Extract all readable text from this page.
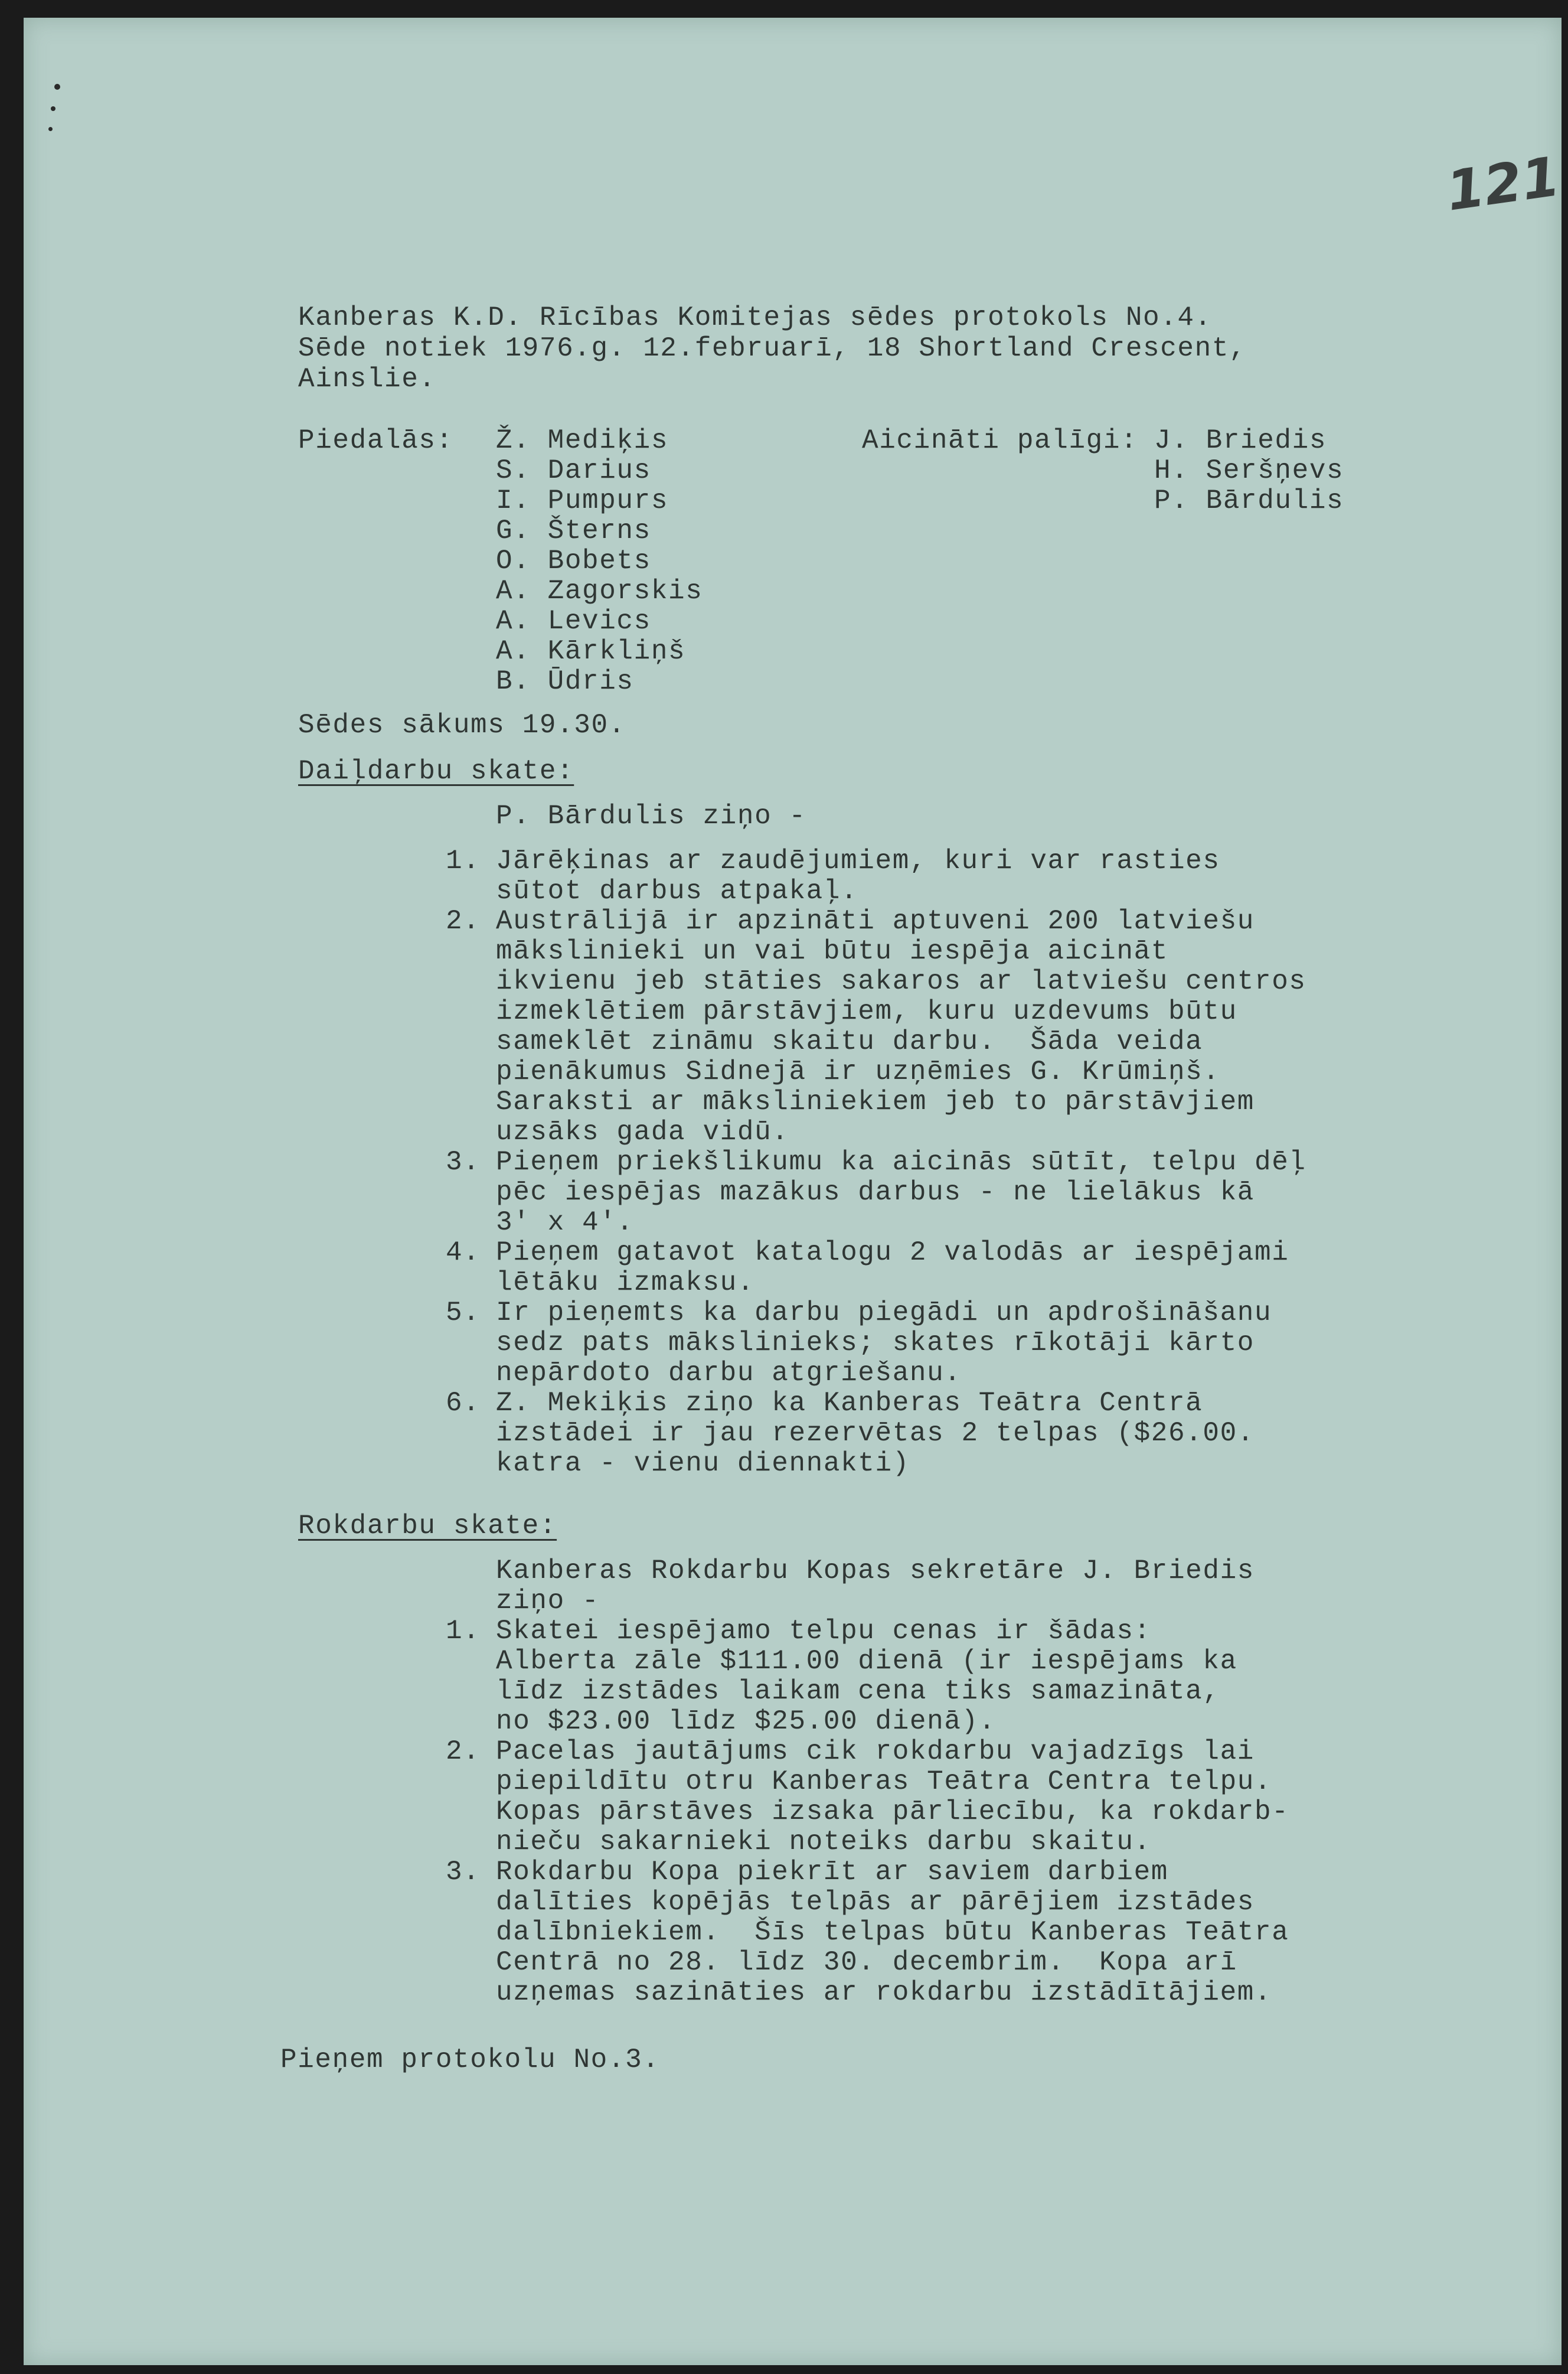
121
Kanberas K.D. Rīcības Komitejas sēdes protokols No.4.
Sēde notiek 1976.g. 12.februarī, 18 Shortland Crescent,
Ainslie.
Piedalās: Ž. Mediķis
S. Darius
I. Pumpurs
G. Šterns
O. Bobets
A. Zagorskis
A. Levics
A. Kārkliņš
B. Ūdris
Aicināti palīgi: J. Briedis
H. Seršņevs
P. Bārdulis
Sēdes sākums 19.30.
Daiļdarbu skate:
P. Bārdulis ziņo -
1. Jārēķinas ar zaudējumiem, kuri var rasties
sūtot darbus atpakaļ.
2. Austrālijā ir apzināti aptuveni 200 latviešu
mākslinieki un vai būtu iespēja aicināt
ikvienu jeb stāties sakaros ar latviešu centros
izmeklētiem pārstāvjiem, kuru uzdevums būtu
sameklēt zināmu skaitu darbu.  Šāda veida
pienākumus Sidnejā ir uzņēmies G. Krūmiņš.
Saraksti ar māksliniekiem jeb to pārstāvjiem
uzsāks gada vidū.
3. Pieņem priekšlikumu ka aicinās sūtīt, telpu dēļ
pēc iespējas mazākus darbus - ne lielākus kā
3' x 4'.
4. Pieņem gatavot katalogu 2 valodās ar iespējami
lētāku izmaksu.
5. Ir pieņemts ka darbu piegādi un apdrošināšanu
sedz pats mākslinieks; skates rīkotāji kārto
nepārdoto darbu atgriešanu.
6. Z. Mekiķis ziņo ka Kanberas Teātra Centrā
izstādei ir jau rezervētas 2 telpas ($26.00.
katra - vienu diennakti)
Rokdarbu skate:
Kanberas Rokdarbu Kopas sekretāre J. Briedis
ziņo -
1. Skatei iespējamo telpu cenas ir šādas:
Alberta zāle $111.00 dienā (ir iespējams ka
līdz izstādes laikam cena tiks samazināta,
no $23.00 līdz $25.00 dienā).
2. Pacelas jautājums cik rokdarbu vajadzīgs lai
piepildītu otru Kanberas Teātra Centra telpu.
Kopas pārstāves izsaka pārliecību, ka rokdarb-
nieču sakarnieki noteiks darbu skaitu.
3. Rokdarbu Kopa piekrīt ar saviem darbiem
dalīties kopējās telpās ar pārējiem izstādes
dalībniekiem.  Šīs telpas būtu Kanberas Teātra
Centrā no 28. līdz 30. decembrim.  Kopa arī
uzņemas sazināties ar rokdarbu izstādītājiem.
Pieņem protokolu No.3.
